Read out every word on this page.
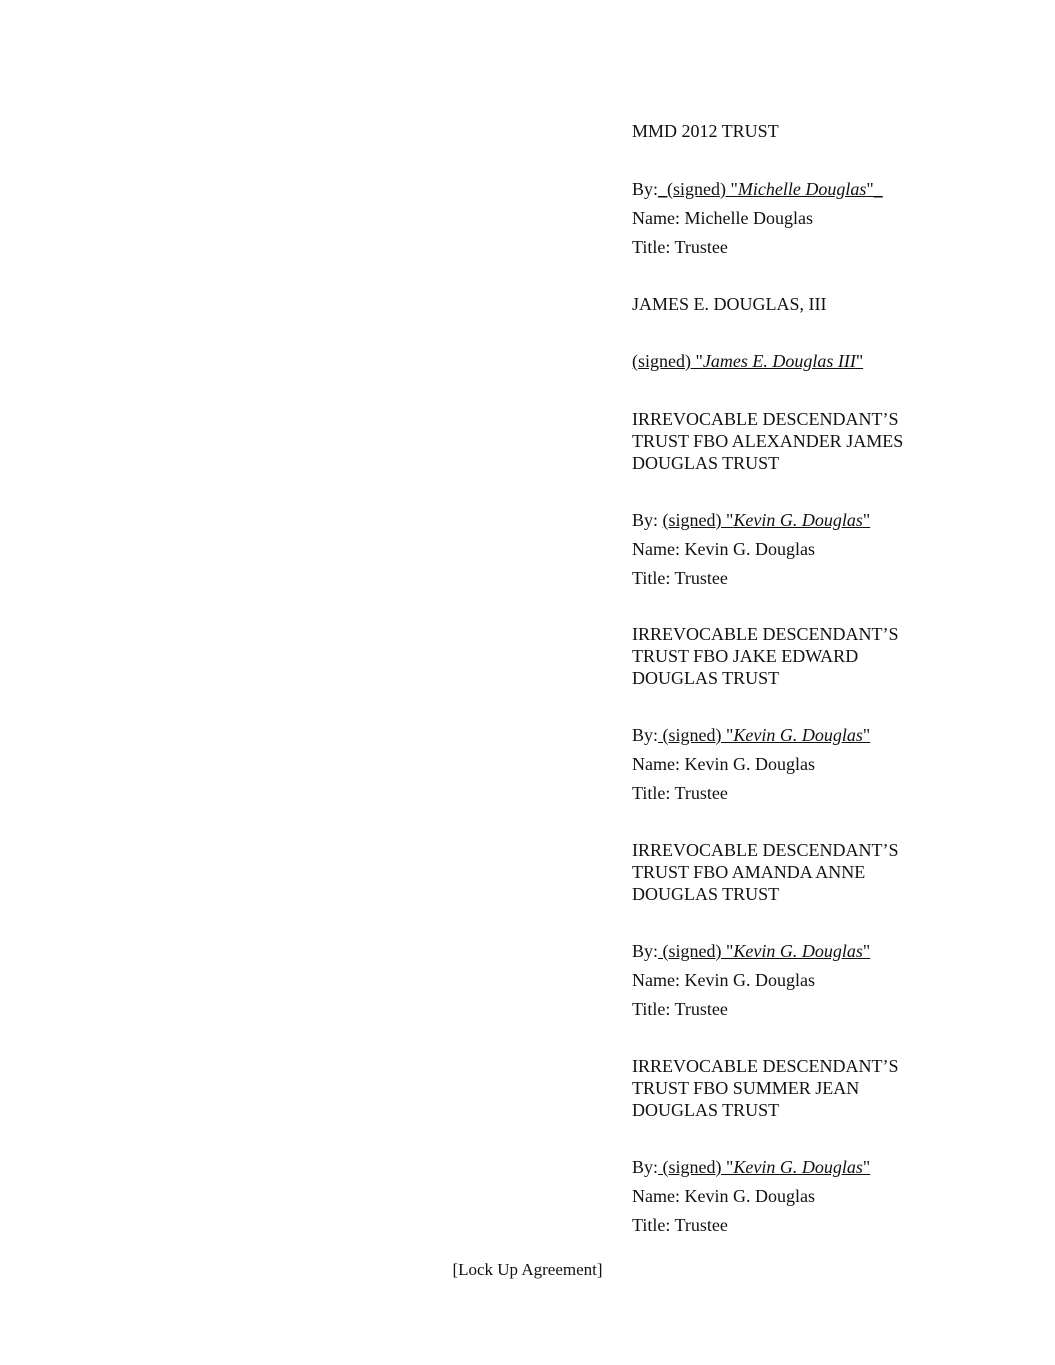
MMD 2012 TRUST
By:_(signed) "Michelle Douglas"_
Name: Michelle Douglas
Title: Trustee
JAMES E. DOUGLAS, III
(signed) "James E. Douglas III"
IRREVOCABLE DESCENDANT’S
TRUST FBO ALEXANDER JAMES
DOUGLAS TRUST
By: (signed) "Kevin G. Douglas"
Name: Kevin G. Douglas
Title: Trustee
IRREVOCABLE DESCENDANT’S
TRUST FBO JAKE EDWARD
DOUGLAS TRUST
By: (signed) "Kevin G. Douglas"
Name: Kevin G. Douglas
Title: Trustee
IRREVOCABLE DESCENDANT’S
TRUST FBO AMANDA ANNE
DOUGLAS TRUST
By: (signed) "Kevin G. Douglas"
Name: Kevin G. Douglas
Title: Trustee
IRREVOCABLE DESCENDANT’S
TRUST FBO SUMMER JEAN
DOUGLAS TRUST
By: (signed) "Kevin G. Douglas"
Name: Kevin G. Douglas
Title: Trustee
[Lock Up Agreement]
